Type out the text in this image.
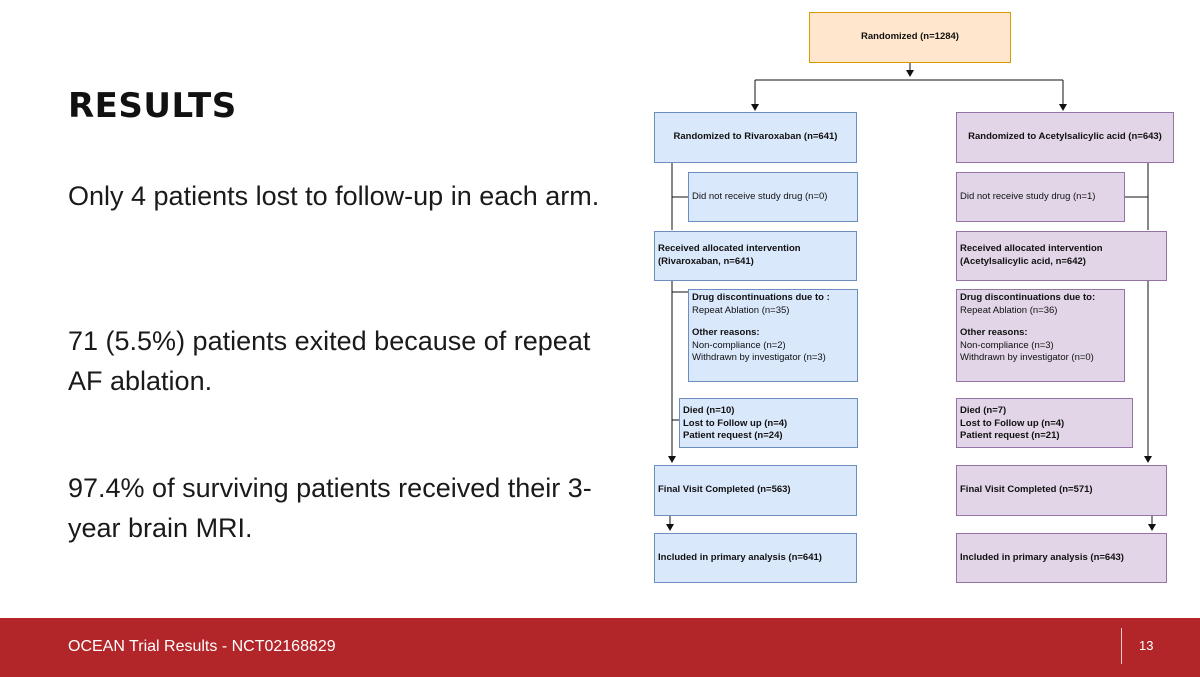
RESULTS
Only 4 patients lost to follow-up in each arm.
71 (5.5%) patients exited because of repeat AF ablation.
97.4% of surviving patients received their 3-year brain MRI.
Randomized (n=1284)
Randomized to Rivaroxaban (n=641)
Did not receive study drug (n=0)
Received allocated intervention
(Rivaroxaban, n=641)
Drug discontinuations due to :
Repeat Ablation (n=35)
Other reasons:
Non-compliance (n=2)
Withdrawn by investigator (n=3)
Died (n=10)
Lost to Follow up (n=4)
Patient request (n=24)
Final Visit Completed (n=563)
Included in primary analysis (n=641)
Randomized to Acetylsalicylic acid (n=643)
Did not receive study drug (n=1)
Received allocated intervention
(Acetylsalicylic acid, n=642)
Drug discontinuations due to:
Repeat Ablation (n=36)
Other reasons:
Non-compliance (n=3)
Withdrawn by investigator (n=0)
Died (n=7)
Lost to Follow up (n=4)
Patient request (n=21)
Final Visit Completed (n=571)
Included in primary analysis (n=643)
OCEAN Trial Results - NCT02168829	13
